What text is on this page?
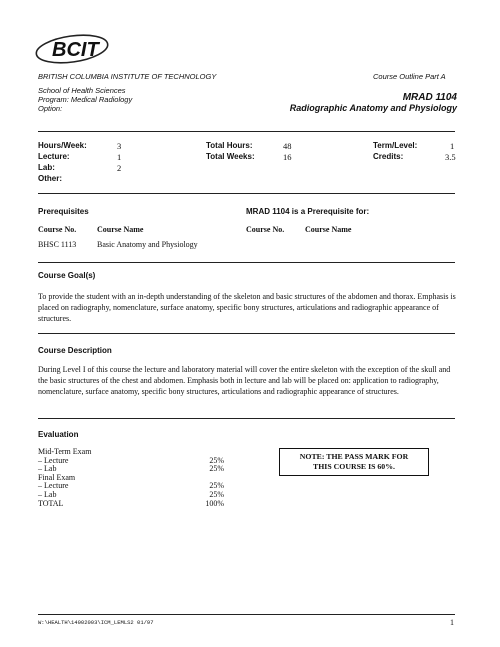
BCIT
BRITISH COLUMBIA INSTITUTE OF TECHNOLOGY	Course Outline Part A
School of Health Sciences
Program: Medical Radiology
Option:
MRAD 1104
Radiographic Anatomy and Physiology
Hours/Week:	3
Lecture:	1
Lab:	2
Other:
Total Hours:	48
Total Weeks:	16
Term/Level:	1
Credits:	3.5
Prerequisites	MRAD 1104 is a Prerequisite for:
Course No.	Course Name	Course No.	Course Name
BHSC 1113	Basic Anatomy and Physiology
Course Goal(s)
To provide the student with an in-depth understanding of the skeleton and basic structures of the abdomen and thorax. Emphasis is placed on radiography, nomenclature, surface anatomy, specific bony structures, articulations and radiographic appearance of structures.
Course Description
During Level I of this course the lecture and laboratory material will cover the entire skeleton with the exception of the skull and the basic structures of the chest and abdomen. Emphasis both in lecture and lab will be placed on: application to radiography, nomenclature, surface anatomy, specific bony structures, articulations and radiographic appearance of structures.
Evaluation
Mid-Term Exam	
– Lecture	25%
– Lab	25%
Final Exam	
– Lecture	25%
– Lab	25%
TOTAL	100%
NOTE: THE PASS MARK FOR
THIS COURSE IS 60%.
W:\HEALTH\14002003\ICM_LEMLS2 01/97	1
